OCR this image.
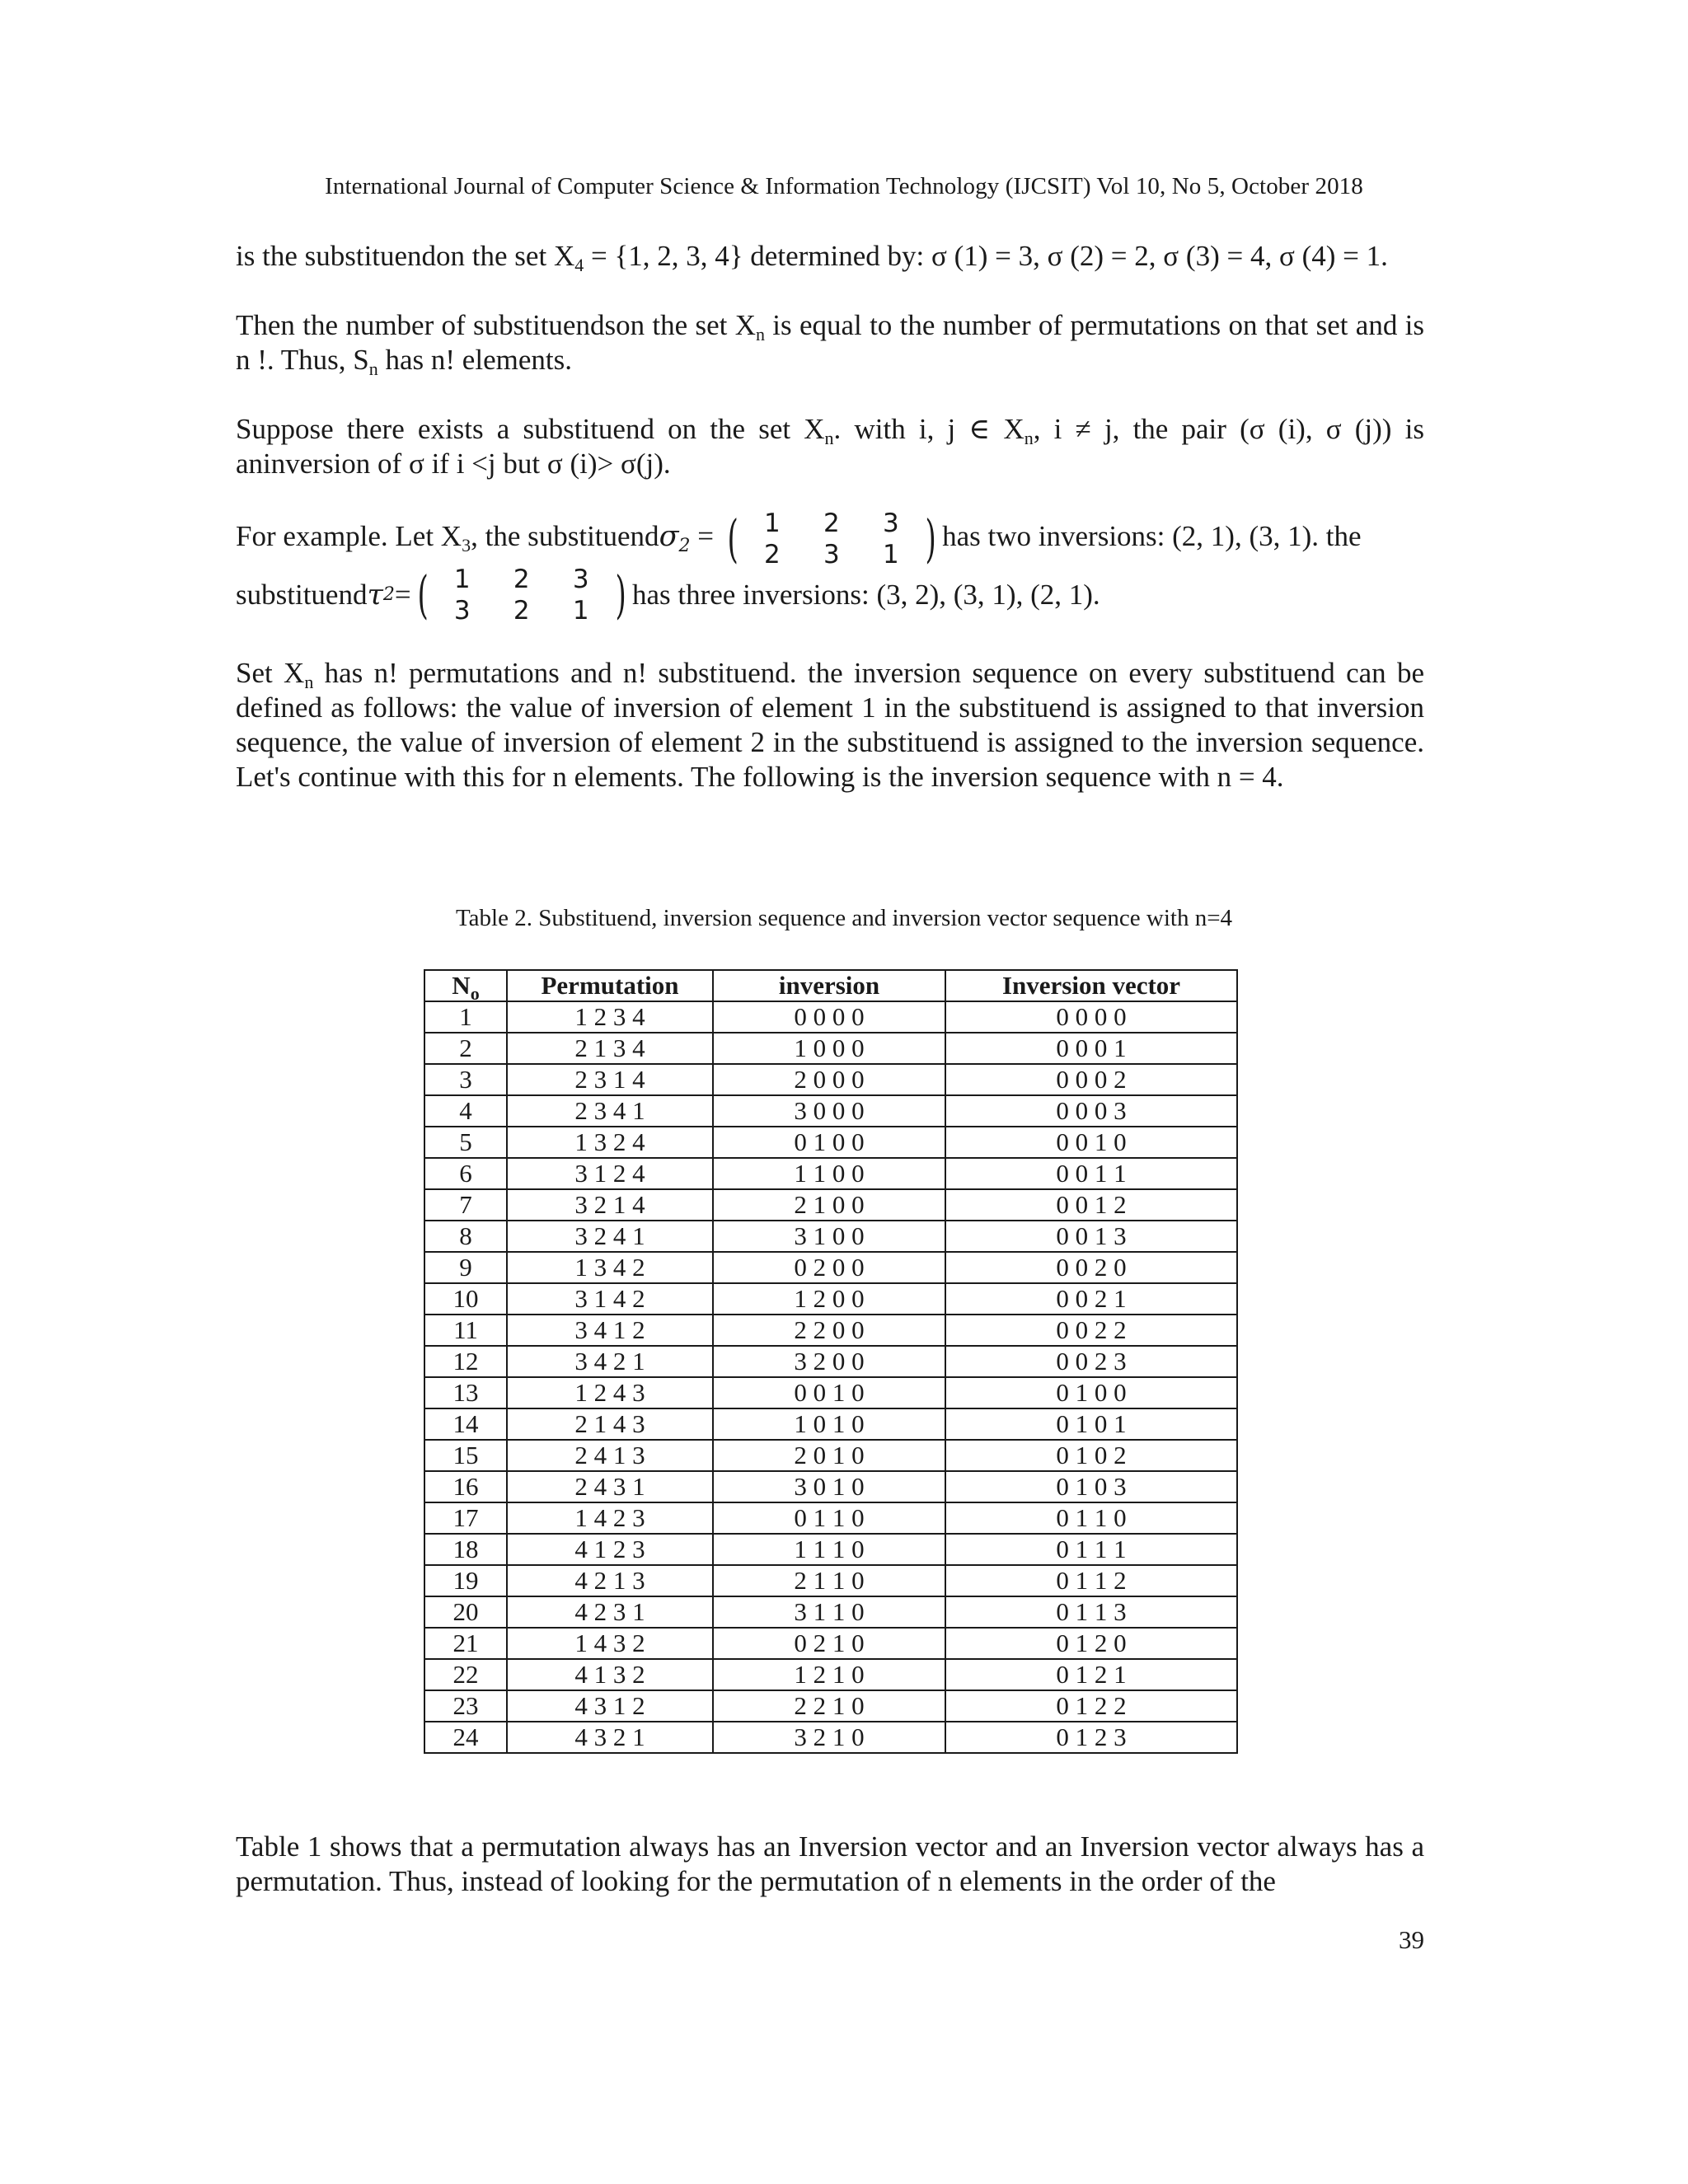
International Journal of Computer Science & Information Technology (IJCSIT) Vol 10, No 5, October 2018

is the substituendon the set $X_4 = \{1$, 2, 3, 4} determined by: σ (1) = 3, σ (2) = 2, σ (3) = 4, σ (4) = 1.

Then the number of substituendson the set $X_n$ is equal to the number of permutations on that set and is n !. Thus, $S_n$ has n! elements.

Suppose there exists a substituend on the set $X_n$. with i, j ∈ $X_n$, i ≠ j, the pair (σ (i), σ (j)) is aninversion of σ if i <j but σ (i)> σ(j).

For example. Let $X_3$, the substituendσ$_2$ = (	1	2	3
2	3	1 ) has two inversions: (2, 1), (3, 1). the
substituend τ 2 = (	1	2	3
3	2	1 ) has three inversions: (3, 2), (3, 1), (2, 1).

Set $X_n$ has n! permutations and n! substituend. the inversion sequence on every substituend can be defined as follows: the value of inversion of element 1 in the substituend is assigned to that inversion sequence, the value of inversion of element 2 in the substituend is assigned to the inversion sequence. Let's continue with this for n elements. The following is the inversion sequence with n = 4.

Table 2. Substituend, inversion sequence and inversion vector sequence with n=4
$N_o$	Permutation	inversion	Inversion vector
1	1 2 3 4	0 0 0 0	0 0 0 0
2	2 1 3 4	1 0 0 0	0 0 0 1
3	2 3 1 4	2 0 0 0	0 0 0 2
4	2 3 4 1	3 0 0 0	0 0 0 3
5	1 3 2 4	0 1 0 0	0 0 1 0
6	3 1 2 4	1 1 0 0	0 0 1 1
7	3 2 1 4	2 1 0 0	0 0 1 2
8	3 2 4 1	3 1 0 0	0 0 1 3
9	1 3 4 2	0 2 0 0	0 0 2 0
10	3 1 4 2	1 2 0 0	0 0 2 1
11	3 4 1 2	2 2 0 0	0 0 2 2
12	3 4 2 1	3 2 0 0	0 0 2 3
13	1 2 4 3	0 0 1 0	0 1 0 0
14	2 1 4 3	1 0 1 0	0 1 0 1
15	2 4 1 3	2 0 1 0	0 1 0 2
16	2 4 3 1	3 0 1 0	0 1 0 3
17	1 4 2 3	0 1 1 0	0 1 1 0
18	4 1 2 3	1 1 1 0	0 1 1 1
19	4 2 1 3	2 1 1 0	0 1 1 2
20	4 2 3 1	3 1 1 0	0 1 1 3
21	1 4 3 2	0 2 1 0	0 1 2 0
22	4 1 3 2	1 2 1 0	0 1 2 1
23	4 3 1 2	2 2 1 0	0 1 2 2
24	4 3 2 1	3 2 1 0	0 1 2 3
Table 1 shows that a permutation always has an Inversion vector and an Inversion vector always has a permutation. Thus, instead of looking for the permutation of n elements in the order of the
39
